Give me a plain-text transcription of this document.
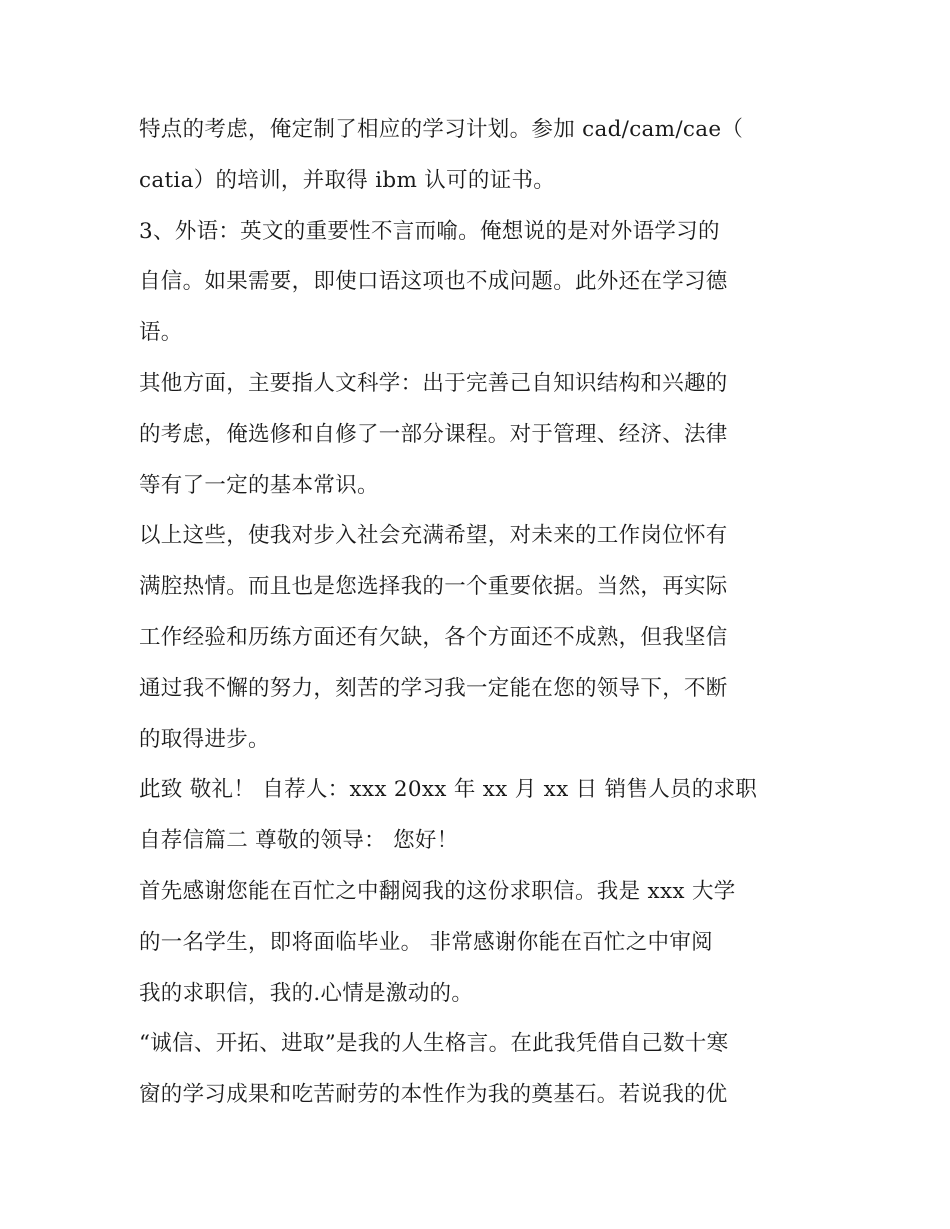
特点的考虑，俺定制了相应的学习计划。参加 cad/cam/cae（
catia）的培训，并取得 ibm 认可的证书。
3、外语：英文的重要性不言而喻。俺想说的是对外语学习的
自信。如果需要，即使口语这项也不成问题。此外还在学习德
语。
其他方面，主要指人文科学：出于完善己自知识结构和兴趣的
的考虑，俺选修和自修了一部分课程。对于管理、经济、法律
等有了一定的基本常识。
以上这些，使我对步入社会充满希望，对未来的工作岗位怀有
满腔热情。而且也是您选择我的一个重要依据。当然，再实际
工作经验和历练方面还有欠缺，各个方面还不成熟，但我坚信
通过我不懈的努力，刻苦的学习我一定能在您的领导下，不断
的取得进步。
此致 敬礼！ 自荐人：xxx 20xx 年 xx 月 xx 日 销售人员的求职
自荐信篇二 尊敬的领导： 您好！
首先感谢您能在百忙之中翻阅我的这份求职信。我是 xxx 大学
的一名学生，即将面临毕业。 非常感谢你能在百忙之中审阅
我的求职信，我的.心情是激动的。
“诚信、开拓、进取”是我的人生格言。在此我凭借自己数十寒
窗的学习成果和吃苦耐劳的本性作为我的奠基石。若说我的优
